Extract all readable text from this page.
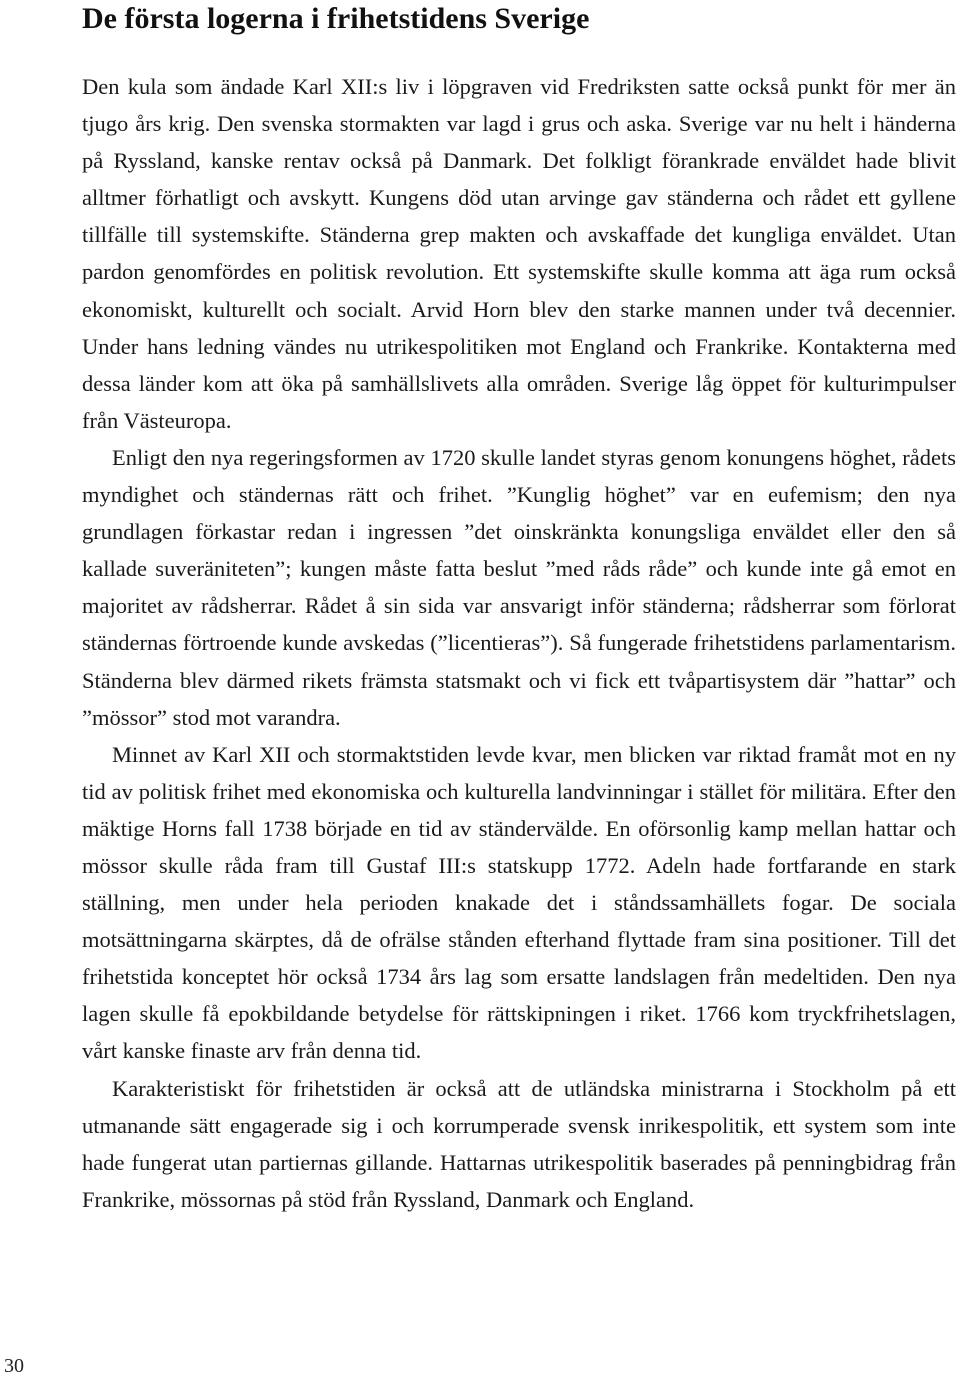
De första logerna i frihetstidens Sverige

Den kula som ändade Karl XII:s liv i löpgraven vid Fredriksten satte också punkt för mer än tjugo års krig. Den svenska stormakten var lagd i grus och aska. Sverige var nu helt i händerna på Ryssland, kanske rentav också på Danmark. Det folkligt förankrade enväldet hade blivit alltmer förhatligt och avskytt. Kungens död utan arvinge gav ständerna och rådet ett gyllene tillfälle till systemskifte. Ständerna grep makten och avskaffade det kungliga enväldet. Utan pardon genomfördes en politisk revolution. Ett systemskifte skulle komma att äga rum också ekonomiskt, kulturellt och socialt. Arvid Horn blev den starke mannen under två decennier. Under hans ledning vändes nu utrikespolitiken mot England och Frankrike. Kontakterna med dessa länder kom att öka på samhällslivets alla områden. Sverige låg öppet för kulturimpulser från Västeuropa.

Enligt den nya regeringsformen av 1720 skulle landet styras genom konungens höghet, rådets myndighet och ständernas rätt och frihet. ”Kunglig höghet” var en eufemism; den nya grundlagen förkastar redan i ingressen ”det oinskränkta konungsliga enväldet eller den så kallade suveräniteten”; kungen måste fatta beslut ”med råds råde” och kunde inte gå emot en majoritet av rådsherrar. Rådet å sin sida var ansvarigt inför ständerna; rådsherrar som förlorat ständernas förtroende kunde avskedas (”licentieras”). Så fungerade frihetstidens parlamentarism. Ständerna blev därmed rikets främsta statsmakt och vi fick ett tvåpartisystem där ”hattar” och ”mössor” stod mot varandra.

Minnet av Karl XII och stormaktstiden levde kvar, men blicken var riktad framåt mot en ny tid av politisk frihet med ekonomiska och kulturella landvinningar i stället för militära. Efter den mäktige Horns fall 1738 började en tid av ständervälde. En oförsonlig kamp mellan hattar och mössor skulle råda fram till Gustaf III:s statskupp 1772. Adeln hade fortfarande en stark ställning, men under hela perioden knakade det i ståndssamhällets fogar. De sociala motsättningarna skärptes, då de ofrälse stånden efterhand flyttade fram sina positioner. Till det frihetstida konceptet hör också 1734 års lag som ersatte landslagen från medeltiden. Den nya lagen skulle få epokbildande betydelse för rättskipningen i riket. 1766 kom tryckfrihetslagen, vårt kanske finaste arv från denna tid.

Karakteristiskt för frihetstiden är också att de utländska ministrarna i Stockholm på ett utmanande sätt engagerade sig i och korrumperade svensk inrikespolitik, ett system som inte hade fungerat utan partiernas gillande. Hattarnas utrikespolitik baserades på penningbidrag från Frankrike, mössornas på stöd från Ryssland, Danmark och England.

30
